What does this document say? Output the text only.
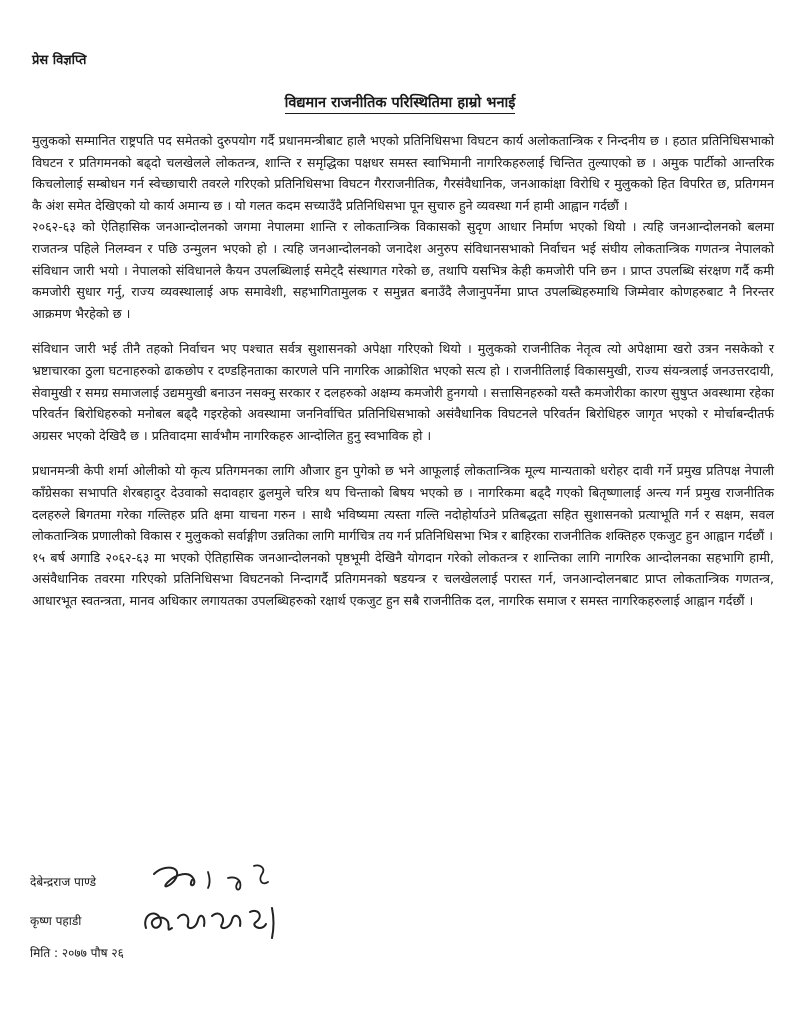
प्रेस विज्ञप्ति
विद्यमान राजनीतिक परिस्थितिमा हाम्रो भनाई

मुलुकको सम्मानित राष्ट्रपति पद समेतको दुरुपयोग गर्दै प्रधानमन्त्रीबाट हालै भएको प्रतिनिधिसभा विघटन कार्य अलोकतान्त्रिक र निन्दनीय छ । हठात प्रतिनिधिसभाको विघटन र प्रतिगमनको बढ्दो चलखेलले लोकतन्त्र, शान्ति र समृद्धिका पक्षधर समस्त स्वाभिमानी नागरिकहरुलाई चिन्तित तुल्याएको छ । अमुक पार्टीको आन्तरिक किचलोलाई सम्बोधन गर्न स्वेच्छाचारी तवरले गरिएको प्रतिनिधिसभा विघटन गैरराजनीतिक, गैरसंवैधानिक, जनआकांक्षा विरोधि र मुलुकको हित विपरित छ, प्रतिगमन कै अंश समेत देखिएको यो कार्य अमान्य छ । यो गलत कदम सच्याउँदै प्रतिनिधिसभा पून सुचारु हुने व्यवस्था गर्न हामी आह्वान गर्दछौं ।

२०६२-६३ को ऐतिहासिक जनआन्दोलनको जगमा नेपालमा शान्ति र लोकतान्त्रिक विकासको सुदृण आधार निर्माण भएको थियो । त्यहि जनआन्दोलनको बलमा राजतन्त्र पहिले निलम्वन र पछि उन्मुलन भएको हो । त्यहि जनआन्दोलनको जनादेश अनुरुप संविधानसभाको निर्वाचन भई संघीय लोकतान्त्रिक गणतन्त्र नेपालको संविधान जारी भयो । नेपालको संविधानले कैयन उपलब्धिलाई समेट्दै संस्थागत गरेको छ, तथापि यसभित्र केही कमजोरी पनि छन । प्राप्त उपलब्धि संरक्षण गर्दै कमी कमजोरी सुधार गर्नु, राज्य व्यवस्थालाई अफ समावेशी, सहभागितामुलक र समुन्नत बनाउँदै लैजानुपर्नेमा प्राप्त उपलब्धिहरुमाथि जिम्मेवार कोणहरुबाट नै निरन्तर आक्रमण भैरहेको छ ।

संविधान जारी भई तीनै तहको निर्वाचन भए पश्चात सर्वत्र सुशासनको अपेक्षा गरिएको थियो । मुलुकको राजनीतिक नेतृत्व त्यो अपेक्षामा खरो उत्रन नसकेको र भ्रष्टाचारका ठुला घटनाहरुको ढाकछोप र दण्डहिनताका कारणले पनि नागरिक आक्रोशित भएको सत्य हो । राजनीतिलाई विकासमुखी, राज्य संयन्त्रलाई जनउत्तरदायी, सेवामुखी र समग्र समाजलाई उद्यममुखी बनाउन नसक्नु सरकार र दलहरुको अक्षम्य कमजोरी हुनगयो । सत्तासिनहरुको यस्तै कमजोरीका कारण सुषुप्त अवस्थामा रहेका परिवर्तन बिरोधिहरुको मनोबल बढ्दै गइरहेको अवस्थामा जननिर्वाचित प्रतिनिधिसभाको असंवैधानिक विघटनले परिवर्तन बिरोधिहरु जागृत भएको र मोर्चाबन्दीतर्फ अग्रसर भएको देखिदै छ । प्रतिवादमा सार्वभौम नागरिकहरु आन्दोलित हुनु स्वभाविक हो ।

प्रधानमन्त्री केपी शर्मा ओलीको यो कृत्य प्रतिगमनका लागि औजार हुन पुगेको छ भने आफूलाई लोकतान्त्रिक मूल्य मान्यताको धरोहर दावी गर्ने प्रमुख प्रतिपक्ष नेपाली काँग्रेसका सभापति शेरबहादुर देउवाको सदावहार ढुलमुले चरित्र थप चिन्ताको बिषय भएको छ । नागरिकमा बढ्दै गएको बितृष्णालाई अन्त्य गर्न प्रमुख राजनीतिक दलहरुले बिगतमा गरेका गल्तिहरु प्रति क्षमा याचना गरुन । साथै भविष्यमा त्यस्ता गल्ति नदोहोर्याउने प्रतिबद्धता सहित सुशासनको प्रत्याभूति गर्न र सक्षम, सवल लोकतान्त्रिक प्रणालीको विकास र मुलुकको सर्वाङ्गीण उन्नतिका लागि मार्गचित्र तय गर्न प्रतिनिधिसभा भित्र र बाहिरका राजनीतिक शक्तिहरु एकजुट हुन आह्वान गर्दछौं ।

१५ बर्ष अगाडि २०६२-६३ मा भएको ऐतिहासिक जनआन्दोलनको पृष्ठभूमी देखिनै योगदान गरेको लोकतन्त्र र शान्तिका लागि नागरिक आन्दोलनका सहभागि हामी, असंवैधानिक तवरमा गरिएको प्रतिनिधिसभा विघटनको निन्दागर्दै प्रतिगमनको षडयन्त्र र चलखेललाई परास्त गर्न, जनआन्दोलनबाट प्राप्त लोकतान्त्रिक गणतन्त्र, आधारभूत स्वतन्त्रता, मानव अधिकार लगायतका उपलब्धिहरुको रक्षार्थ एकजुट हुन सबै राजनीतिक दल, नागरिक समाज र समस्त नागरिकहरुलाई आह्वान गर्दछौं ।

देबेन्द्रराज पाण्डे
कृष्ण पहाडी
मिति : २०७७ पौष २६
